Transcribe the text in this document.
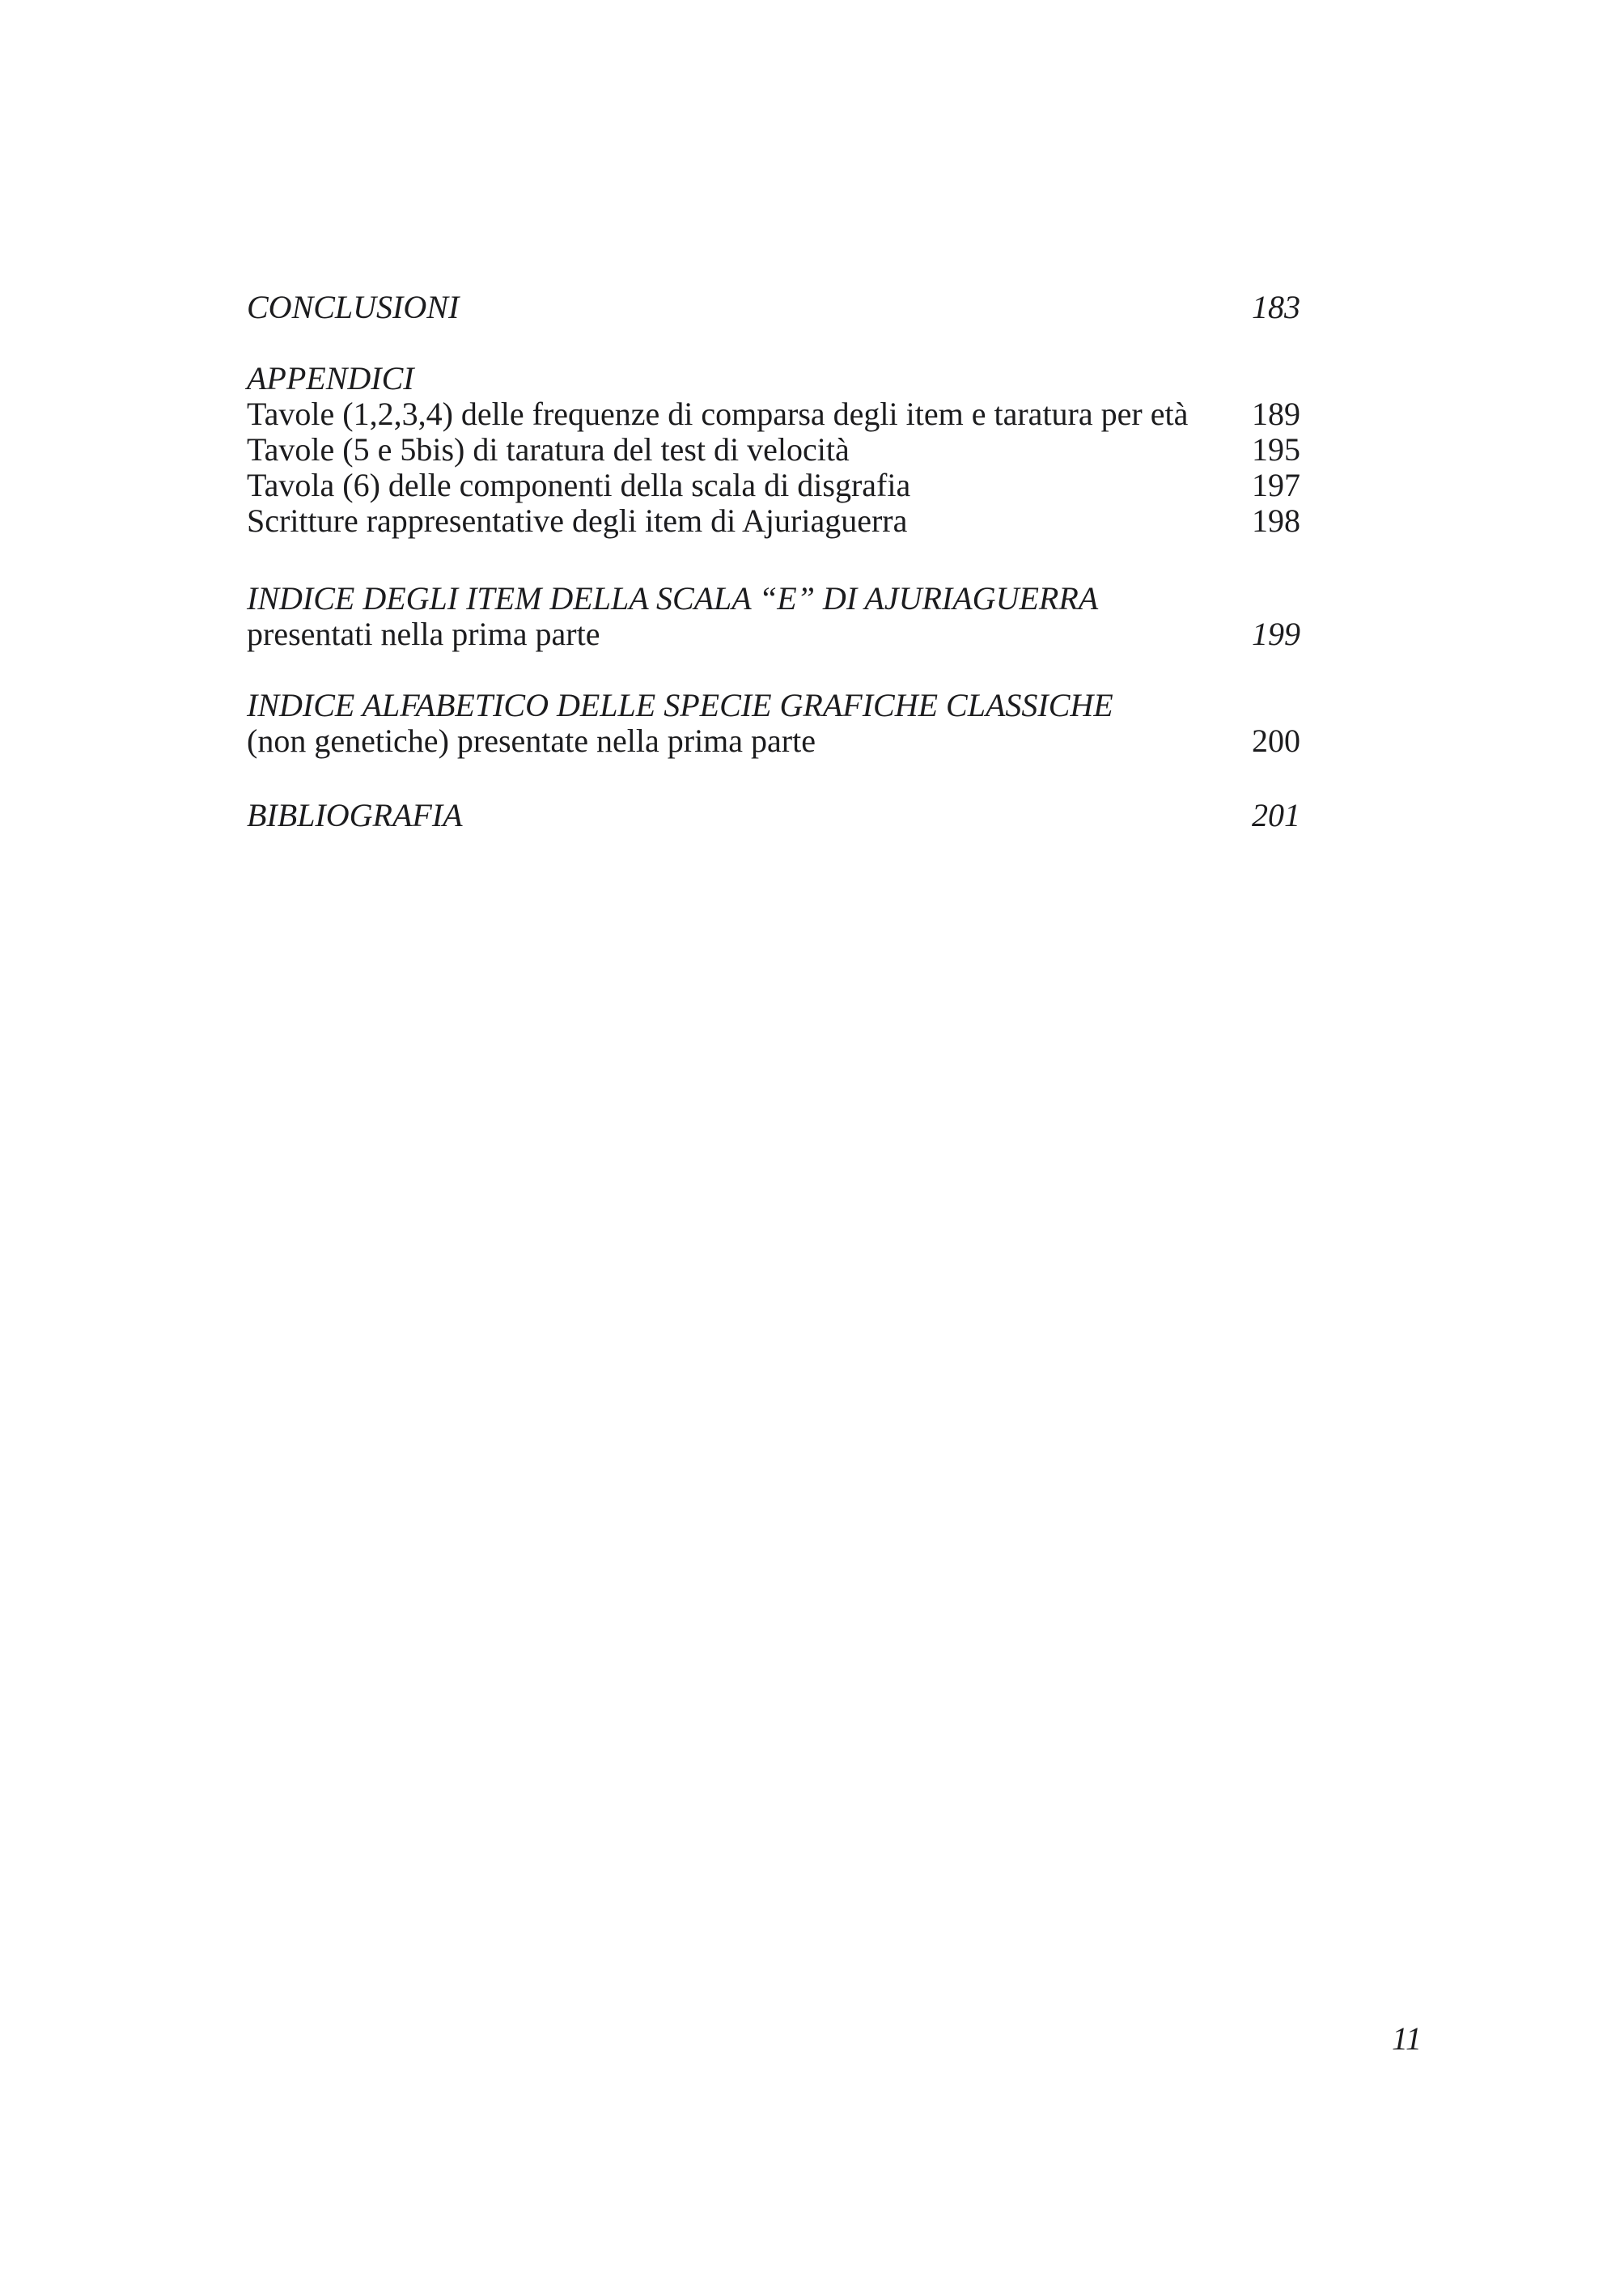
CONCLUSIONI	183
APPENDICI
Tavole (1,2,3,4) delle frequenze di comparsa degli item e taratura per età	189
Tavole (5 e 5bis) di taratura del test di velocità	195
Tavola (6) delle componenti della scala di disgrafia	197
Scritture rappresentative degli item di Ajuriaguerra	198
INDICE DEGLI ITEM DELLA SCALA “E” DI AJURIAGUERRA
presentati nella prima parte	199
INDICE ALFABETICO DELLE SPECIE GRAFICHE CLASSICHE
(non genetiche) presentate nella prima parte	200
BIBLIOGRAFIA	201
11
